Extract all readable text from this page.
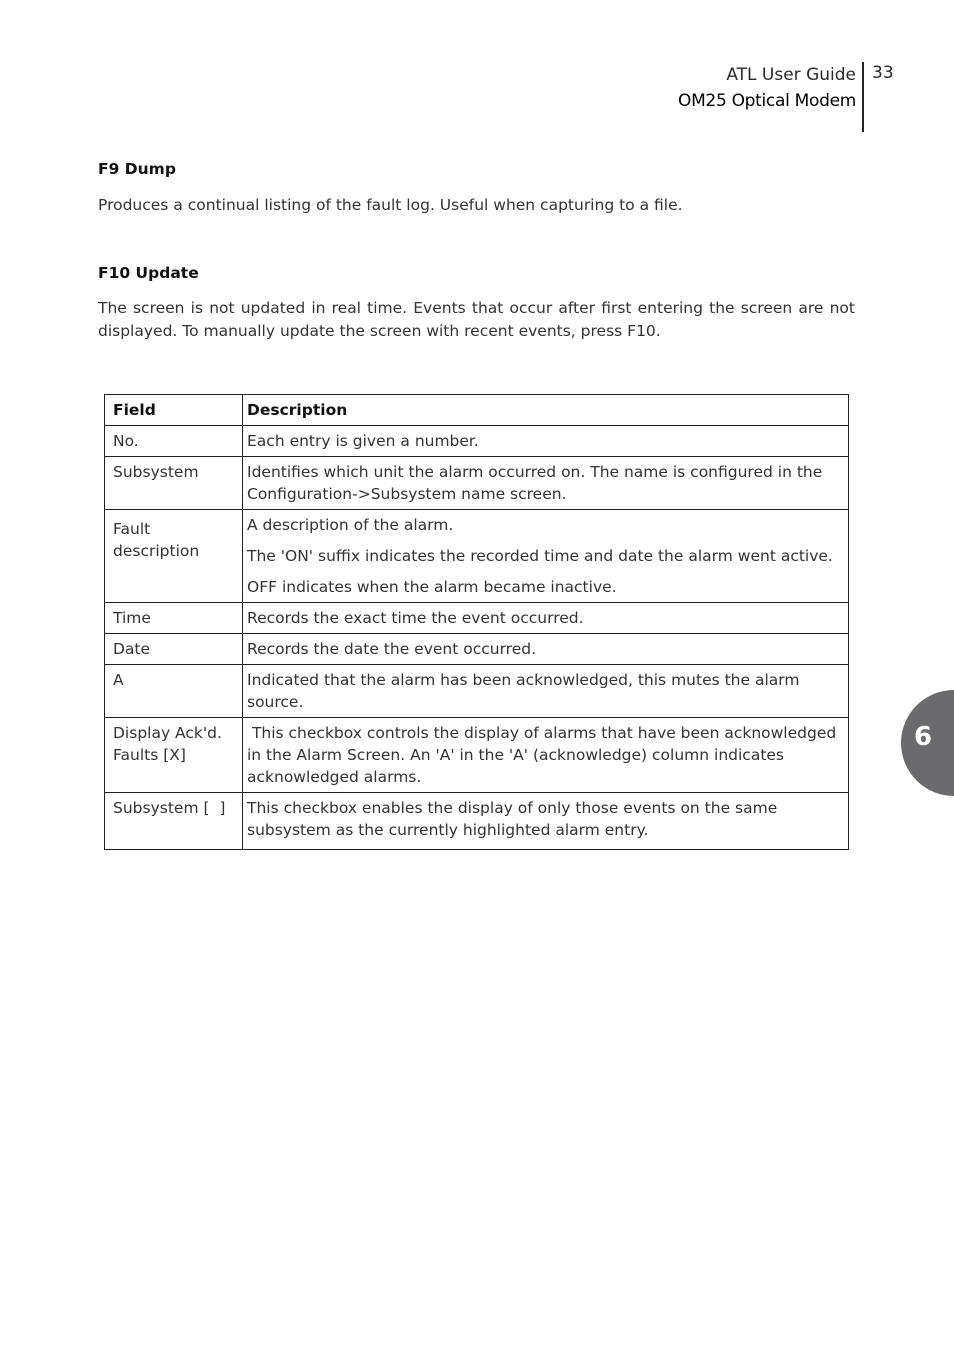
ATL User Guide
OM25 Optical Modem
33
F9 Dump
Produces a continual listing of the fault log. Useful when capturing to a file.
F10 Update
The screen is not updated in real time. Events that occur after first entering the screen are not displayed. To manually update the screen with recent events, press F10.
Field	Description
No.	Each entry is given a number.

Subsystem	Identifies which unit the alarm occurred on. The name is configured in the Configuration->Subsystem name screen.

Fault description	A description of the alarm.

The 'ON' suffix indicates the recorded time and date the alarm went active.

OFF indicates when the alarm became inactive.

Time	Records the exact time the event occurred.

Date	Records the date the event occurred.

A	Indicated that the alarm has been acknowledged, this mutes the alarm source.

Display Ack'd. Faults [X]	This checkbox controls the display of alarms that have been acknowledged in the Alarm Screen. An 'A' in the 'A' (acknowledge) column indicates acknowledged alarms.

Subsystem [  ]	This checkbox enables the display of only those events on the same subsystem as the currently highlighted alarm entry.

6
